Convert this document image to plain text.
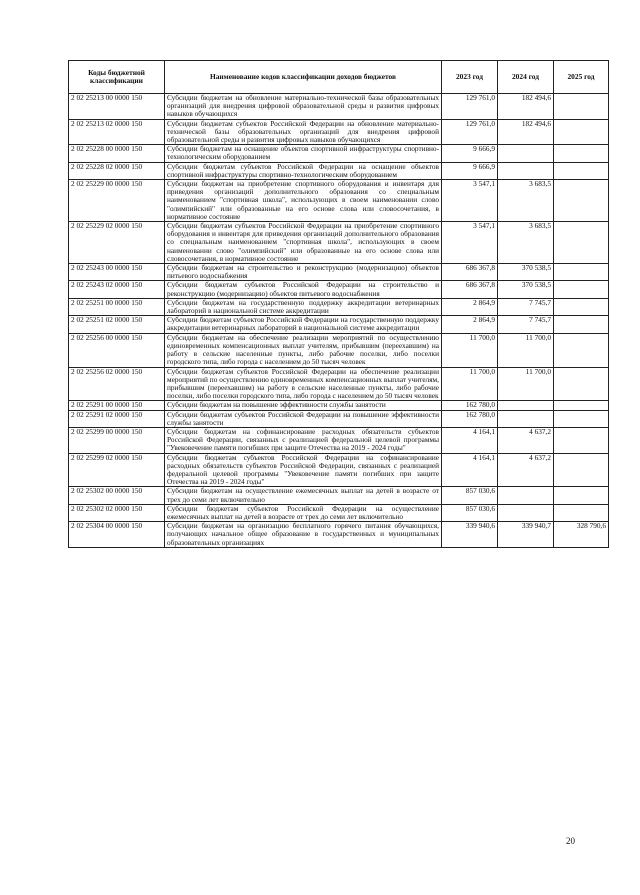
Коды бюджетной классификации	Наименование кодов классификации доходов бюджетов	2023 год	2024 год	2025 год
2 02 25213 00 0000 150	Субсидии бюджетам на обновление материально-технической базы образовательных организаций для внедрения цифровой образовательной среды и развития цифровых навыков обучающихся	129 761,0	182 494,6	
2 02 25213 02 0000 150	Субсидии бюджетам субъектов Российской Федерации на обновление материально-технической базы образовательных организаций для внедрения цифровой образовательной среды и развития цифровых навыков обучающихся	129 761,0	182 494,6	
2 02 25228 00 0000 150	Субсидии бюджетам на оснащение объектов спортивной инфраструктуры спортивно-технологическим оборудованием	9 666,9		
2 02 25228 02 0000 150	Субсидии бюджетам субъектов Российской Федерации на оснащение объектов спортивной инфраструктуры спортивно-технологическим оборудованием	9 666,9		
2 02 25229 00 0000 150	Субсидии бюджетам на приобретение спортивного оборудования и инвентаря для приведения организаций дополнительного образования со специальным наименованием "спортивная школа", использующих в своем наименовании слово "олимпийский" или образованные на его основе слова или словосочетания, в нормативное состояние	3 547,1	3 683,5	
2 02 25229 02 0000 150	Субсидии бюджетам субъектов Российской Федерации на приобретение спортивного оборудования и инвентаря для приведения организаций дополнительного образования со специальным наименованием "спортивная школа", использующих в своем наименовании слово "олимпийский" или образованные на его основе слова или словосочетания, в нормативное состояние	3 547,1	3 683,5	
2 02 25243 00 0000 150	Субсидии бюджетам на строительство и реконструкцию (модернизацию) объектов питьевого водоснабжения	686 367,8	370 538,5	
2 02 25243 02 0000 150	Субсидии бюджетам субъектов Российской Федерации на строительство и реконструкцию (модернизацию) объектов питьевого водоснабжения	686 367,8	370 538,5	
2 02 25251 00 0000 150	Субсидии бюджетам на государственную поддержку аккредитации ветеринарных лабораторий в национальной системе аккредитации	2 864,9	7 745,7	
2 02 25251 02 0000 150	Субсидии бюджетам субъектов Российской Федерации на государственную поддержку аккредитации ветеринарных лабораторий в национальной системе аккредитации	2 864,9	7 745,7	
2 02 25256 00 0000 150	Субсидии бюджетам на обеспечение реализации мероприятий по осуществлению единовременных компенсационных выплат учителям, прибывшим (переехавшим) на работу в сельские населенные пункты, либо рабочие поселки, либо поселки городского типа, либо города с населением до 50 тысяч человек	11 700,0	11 700,0	
2 02 25256 02 0000 150	Субсидии бюджетам субъектов Российской Федерации на обеспечение реализации мероприятий по осуществлению единовременных компенсационных выплат учителям, прибывшим (переехавшим) на работу в сельские населенные пункты, либо рабочие поселки, либо поселки городского типа, либо города с населением до 50 тысяч человек	11 700,0	11 700,0	
2 02 25291 00 0000 150	Субсидии бюджетам на повышение эффективности службы занятости	162 780,0		
2 02 25291 02 0000 150	Субсидии бюджетам субъектов Российской Федерации на повышение эффективности службы занятости	162 780,0		
2 02 25299 00 0000 150	Субсидии бюджетам на софинансирование расходных обязательств субъектов Российской Федерации, связанных с реализацией федеральной целевой программы "Увековечение памяти погибших при защите Отечества на 2019 - 2024 годы"	4 164,1	4 637,2	
2 02 25299 02 0000 150	Субсидии бюджетам субъектов Российской Федерации на софинансирование расходных обязательств субъектов Российской Федерации, связанных с реализацией федеральной целевой программы "Увековечение памяти погибших при защите Отечества на 2019 - 2024 годы"	4 164,1	4 637,2	
2 02 25302 00 0000 150	Субсидии бюджетам на осуществление ежемесячных выплат на детей в возрасте от трех до семи лет включительно	857 030,6		
2 02 25302 02 0000 150	Субсидии бюджетам субъектов Российской Федерации на осуществление ежемесячных выплат на детей в возрасте от трех до семи лет включительно	857 030,6		
2 02 25304 00 0000 150	Субсидии бюджетам на организацию бесплатного горячего питания обучающихся, получающих начальное общее образование в государственных и муниципальных образовательных организациях	339 940,6	339 940,7	328 790,6
20
